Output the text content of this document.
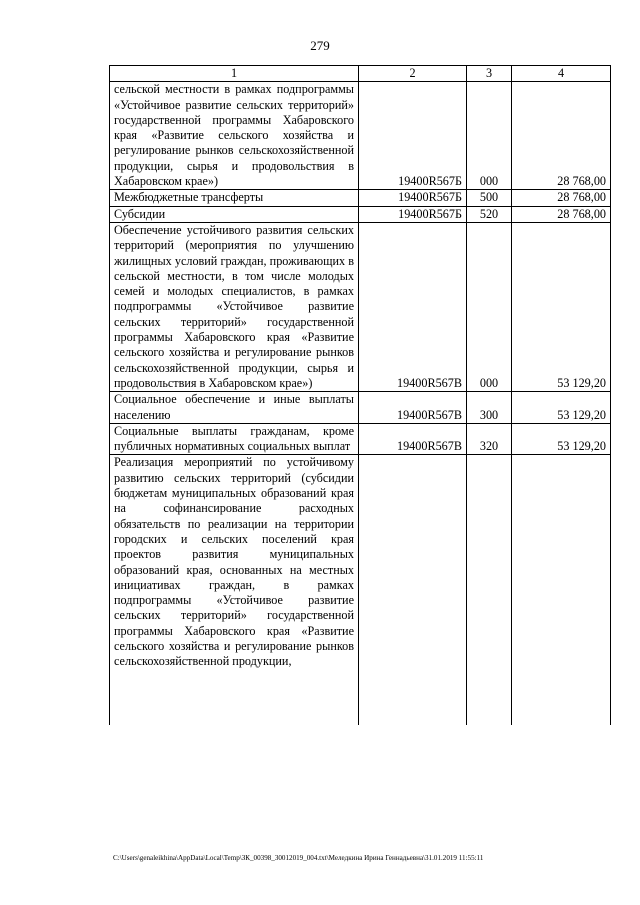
279
1	2	3	4
сельской местности в рамках подпрограммы «Устойчивое развитие сельских территорий» государственной программы Хабаровского края «Развитие сельского хозяйства и регулирование рынков сельскохозяйственной продукции, сырья и продовольствия в Хабаровском крае»)	19400R567Б	000	28 768,00
Межбюджетные трансферты	19400R567Б	500	28 768,00
Субсидии	19400R567Б	520	28 768,00
Обеспечение устойчивого развития сельских территорий (мероприятия по улучшению жилищных условий граждан, проживающих в сельской местности, в том числе молодых семей и молодых специалистов, в рамках подпрограммы «Устойчивое развитие сельских территорий» государственной программы Хабаровского края «Развитие сельского хозяйства и регулирование рынков сельскохозяйственной продукции, сырья и продовольствия в Хабаровском крае»)	19400R567В	000	53 129,20
Социальное обеспечение и иные выплаты населению	19400R567В	300	53 129,20
Социальные выплаты гражданам, кроме публичных нормативных социальных выплат	19400R567В	320	53 129,20
Реализация мероприятий по устойчивому развитию сельских территорий (субсидии бюджетам муниципальных образований края на софинансирование расходных обязательств по реализации на территории городских и сельских поселений края проектов развития муниципальных образований края, основанных на местных инициативах граждан, в рамках подпрограммы «Устойчивое развитие сельских территорий» государственной программы Хабаровского края «Развитие сельского хозяйства и регулирование рынков сельскохозяйственной продукции,			
C:\Users\genaleikhina\AppData\Local\Temp\ЗК_00398_30012019_004.txt\Меледкина Ирина Геннадьевна\31.01.2019 11:55:11
